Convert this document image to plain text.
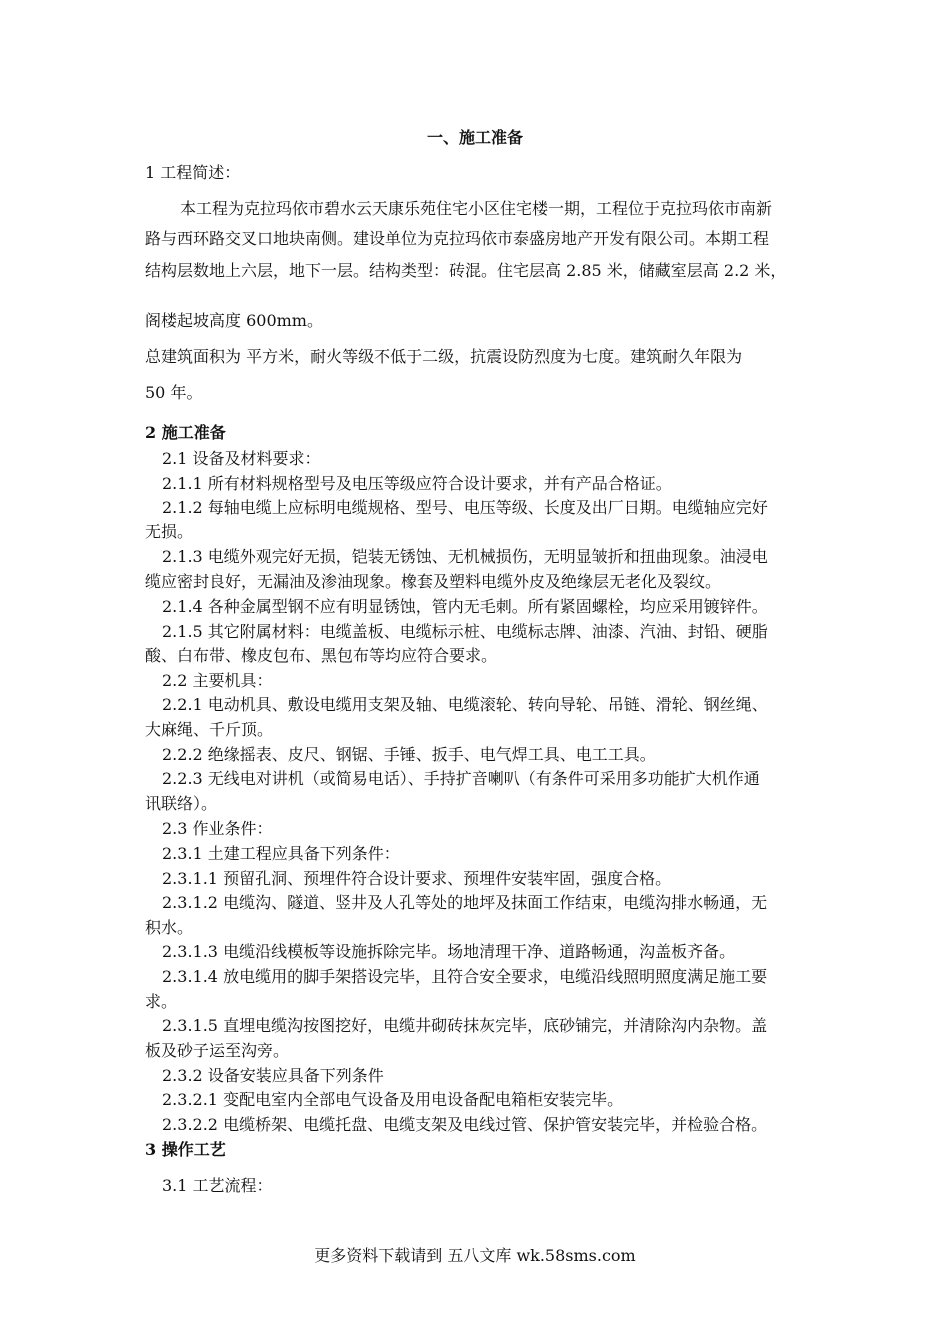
一、施工准备
1 工程简述：
本工程为克拉玛依市碧水云天康乐苑住宅小区住宅楼一期，工程位于克拉玛依市南新
路与西环路交叉口地块南侧。建设单位为克拉玛依市泰盛房地产开发有限公司。本期工程
结构层数地上六层，地下一层。结构类型：砖混。住宅层高 2.85 米，储藏室层高 2.2 米，
阁楼起坡高度 600mm。
总建筑面积为 平方米，耐火等级不低于二级，抗震设防烈度为七度。建筑耐久年限为
50 年。
2 施工准备
2.1 设备及材料要求：
2.1.1 所有材料规格型号及电压等级应符合设计要求，并有产品合格证。
2.1.2 每轴电缆上应标明电缆规格、型号、电压等级、长度及出厂日期。电缆轴应完好
无损。
2.1.3 电缆外观完好无损，铠装无锈蚀、无机械损伤，无明显皱折和扭曲现象。油浸电
缆应密封良好，无漏油及渗油现象。橡套及塑料电缆外皮及绝缘层无老化及裂纹。
2.1.4 各种金属型钢不应有明显锈蚀，管内无毛刺。所有紧固螺栓，均应采用镀锌件。
2.1.5 其它附属材料：电缆盖板、电缆标示桩、电缆标志牌、油漆、汽油、封铅、硬脂
酸、白布带、橡皮包布、黑包布等均应符合要求。
2.2 主要机具：
2.2.1 电动机具、敷设电缆用支架及轴、电缆滚轮、转向导轮、吊链、滑轮、钢丝绳、
大麻绳、千斤顶。
2.2.2 绝缘摇表、皮尺、钢锯、手锤、扳手、电气焊工具、电工工具。
2.2.3 无线电对讲机（或简易电话）、手持扩音喇叭（有条件可采用多功能扩大机作通
讯联络）。
2.3 作业条件：
2.3.1 土建工程应具备下列条件：
2.3.1.1 预留孔洞、预埋件符合设计要求、预埋件安装牢固，强度合格。
2.3.1.2 电缆沟、隧道、竖井及人孔等处的地坪及抹面工作结束，电缆沟排水畅通，无
积水。
2.3.1.3 电缆沿线模板等设施拆除完毕。场地清理干净、道路畅通，沟盖板齐备。
2.3.1.4 放电缆用的脚手架搭设完毕，且符合安全要求，电缆沿线照明照度满足施工要
求。
2.3.1.5 直埋电缆沟按图挖好，电缆井砌砖抹灰完毕，底砂铺完，并清除沟内杂物。盖
板及砂子运至沟旁。
2.3.2 设备安装应具备下列条件
2.3.2.1 变配电室内全部电气设备及用电设备配电箱柜安装完毕。
2.3.2.2 电缆桥架、电缆托盘、电缆支架及电线过管、保护管安装完毕，并检验合格。
3 操作工艺
3.1 工艺流程：
更多资料下载请到 五八文库 wk.58sms.com
